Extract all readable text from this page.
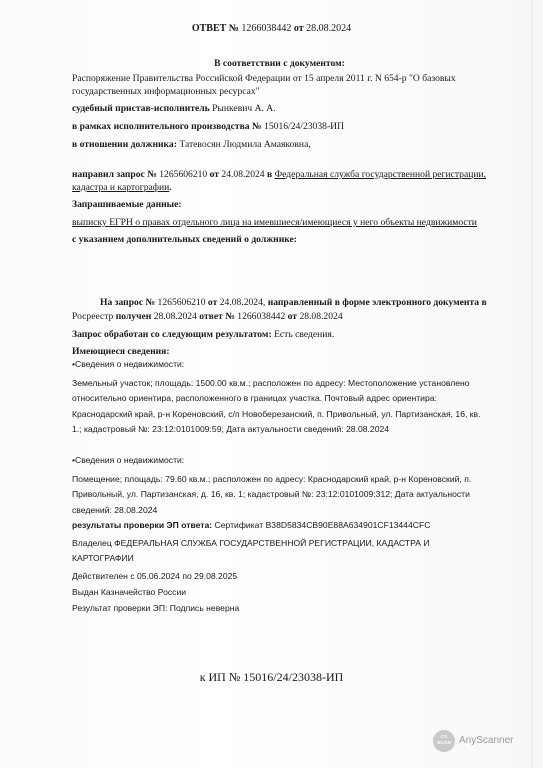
ОТВЕТ № 1266038442 от 28.08.2024
В соответствии с документом:
Распоряжение Правительства Российской Федерации от 15 апреля 2011 г. N 654-р "О базовых
государственных информационных ресурсах"
судебный пристав-исполнитель Рынкевич А. А.
в рамках исполнительного производства № 15016/24/23038-ИП
в отношении должника: Татевосян Людмила Амаяковна,
направил запрос № 1265606210 от 24.08.2024 в Федеральная служба государственной регистрации,
кадастра и картографии.
Запрашиваемые данные:
выписку ЕГРН о правах отдельного лица на имевшиеся/имеющиеся у него объекты недвижимости
с указанием дополнительных сведений о должнике:
На запрос № 1265606210 от 24.08.2024, направленный в форме электронного документа в
Росреестр получен 28.08.2024 ответ № 1266038442 от 28.08.2024
Запрос обработан со следующим результатом: Есть сведения.
Имеющиеся сведения:
•Сведения о недвижимости:
Земельный участок; площадь: 1500.00 кв.м.; расположен по адресу: Местоположение установлено
относительно ориентира, расположенного в границах участка. Почтовый адрес ориентира:
Краснодарский край, р-н Кореновский, с/п Новоберезанский, п. Привольный, ул. Партизанская, 16, кв.
1.; кадастровый №: 23:12:0101009:59; Дата актуальности сведений: 28.08.2024
•Сведения о недвижимости:
Помещение; площадь: 79.60 кв.м.; расположен по адресу: Краснодарский край, р-н Кореновский, п.
Привольный, ул. Партизанская, д. 16, кв. 1; кадастровый №: 23:12:0101009:312; Дата актуальности
сведений: 28.08.2024
результаты проверки ЭП ответа: Сертификат B38D5834CB90E88A634901CF13444CFC
Владелец ФЕДЕРАЛЬНАЯ СЛУЖБА ГОСУДАРСТВЕННОЙ РЕГИСТРАЦИИ, КАДАСТРА И
КАРТОГРАФИИ
Действителен с 05.06.2024 по 29.08.2025
Выдан Казначейство России
Результат проверки ЭП: Подпись неверна
к ИП № 15016/24/23038-ИП
CS
SCAN AnyScanner
